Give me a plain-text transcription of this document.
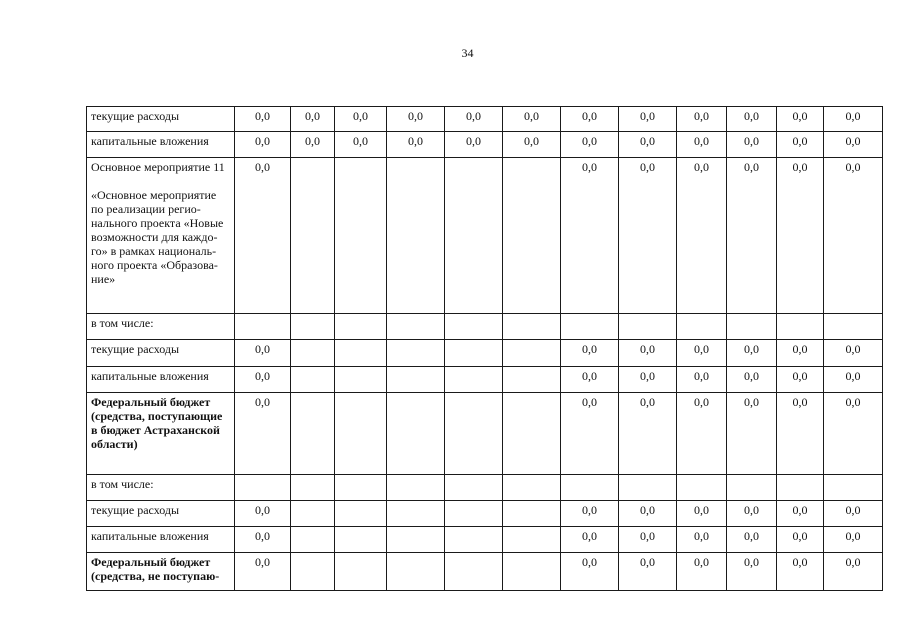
34
текущие расходы	0,0	0,0	0,0	0,0	0,0	0,0	0,0	0,0	0,0	0,0	0,0	0,0
капитальные вложения	0,0	0,0	0,0	0,0	0,0	0,0	0,0	0,0	0,0	0,0	0,0	0,0

Основное мероприятие 11
«Основное мероприятие по реализации регио-нального проекта «Новые возможности для каждо-го» в рамках националь-ного проекта «Образова-ние»	0,0						0,0	0,0	0,0	0,0	0,0	0,0
в том числе:												
текущие расходы	0,0						0,0	0,0	0,0	0,0	0,0	0,0
капитальные вложения	0,0						0,0	0,0	0,0	0,0	0,0	0,0

Федеральный бюджет
(средства, поступающие в бюджет Астраханской области)	0,0						0,0	0,0	0,0	0,0	0,0	0,0
в том числе:												
текущие расходы	0,0						0,0	0,0	0,0	0,0	0,0	0,0
капитальные вложения	0,0						0,0	0,0	0,0	0,0	0,0	0,0

Федеральный бюджет
(средства, не поступаю-	0,0						0,0	0,0	0,0	0,0	0,0	0,0
